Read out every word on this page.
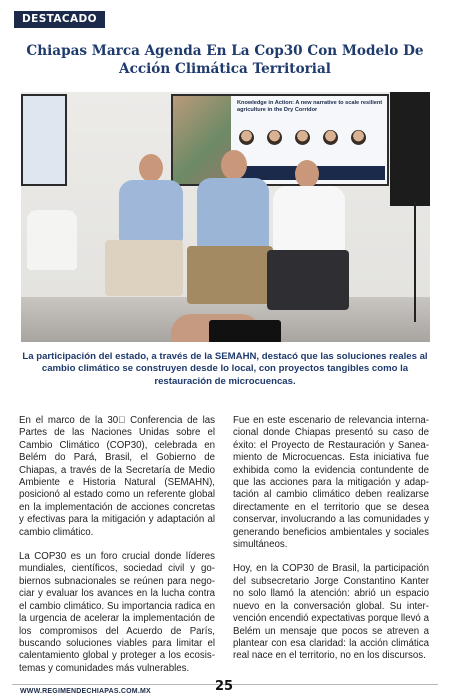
DESTACADO
Chiapas Marca Agenda En La Cop30 Con Modelo De Acción Climática Territorial
Knowledge in Action: A new narrative to scale resilient agriculture in the Dry Corridor

La participación del estado, a través de la SEMAHN, destacó que las soluciones reales al cambio climático se construyen desde lo local, con proyectos tangibles como la restauración de microcuencas.

En el marco de la 30  Conferencia de las Partes de las Naciones Unidas sobre el Cambio Climático (COP30), celebrada en Belém do Pará, Brasil, el Gobierno de Chiapas, a través de la Secretaría de Medio Ambiente e Historia Natural (SEMAHN), posicionó al estado como un referente global en la implementación de acciones concretas y efectivas para la mitigación y adaptación al cambio climático.

La COP30 es un foro crucial donde líderes mundiales, científicos, sociedad civil y gobiernos subnacionales se reúnen para negociar y evaluar los avances en la lucha contra el cambio climático. Su importancia radica en la urgencia de acelerar la implementación de los compromisos del Acuerdo de París, buscando soluciones viables para limitar el calentamiento global y proteger a los ecosistemas y comunidades más vulnerables.

Fue en este escenario de relevancia internacional donde Chiapas presentó su caso de éxito: el Proyecto de Restauración y Saneamiento de Microcuencas. Esta iniciativa fue exhibida como la evidencia contundente de que las acciones para la mitigación y adaptación al cambio climático deben realizarse directamente en el territorio que se desea conservar, involucrando a las comunidades y generando beneficios ambientales y sociales simultáneos.

Hoy, en la COP30 de Brasil, la participación del subsecretario Jorge Constantino Kanter no solo llamó la atención: abrió un espacio nuevo en la conversación global. Su intervención encendió expectativas porque llevó a Belém un mensaje que pocos se atreven a plantear con esa claridad: la acción climática real nace en el territorio, no en los discursos.

WWW.REGIMENDECHIAPAS.COM.MX	25
